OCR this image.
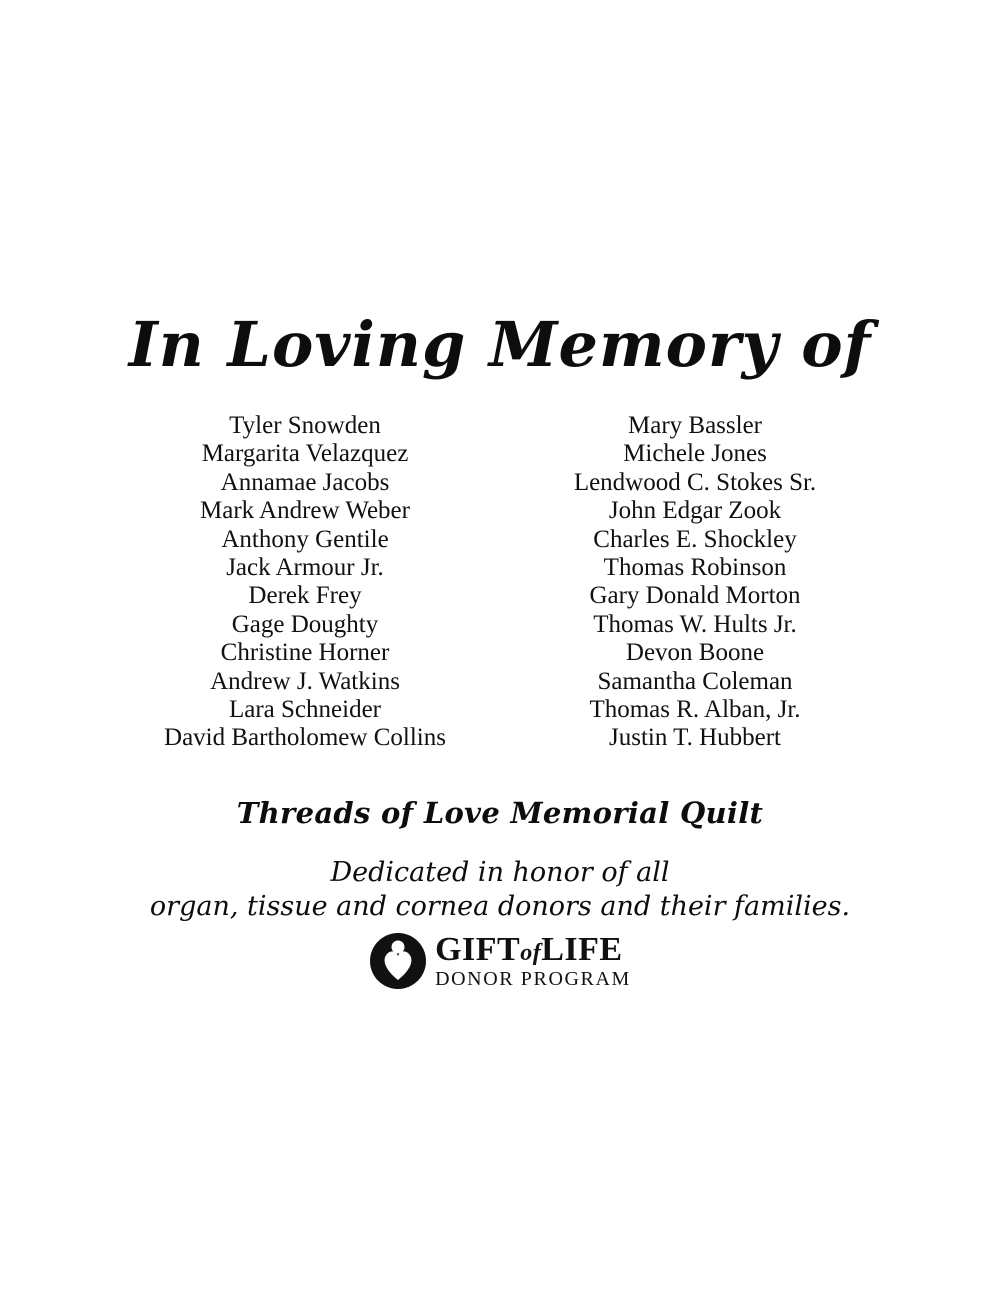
In Loving Memory of
Tyler Snowden
Margarita Velazquez
Annamae Jacobs
Mark Andrew Weber
Anthony Gentile
Jack Armour Jr.
Derek Frey
Gage Doughty
Christine Horner
Andrew J. Watkins
Lara Schneider
David Bartholomew Collins
Mary Bassler
Michele Jones
Lendwood C. Stokes Sr.
John Edgar Zook
Charles E. Shockley
Thomas Robinson
Gary Donald Morton
Thomas W. Hults Jr.
Devon Boone
Samantha Coleman
Thomas R. Alban, Jr.
Justin T. Hubbert
Threads of Love Memorial Quilt
Dedicated in honor of all
organ, tissue and cornea donors and their families.
GIFTofLIFE
DONOR PROGRAM
